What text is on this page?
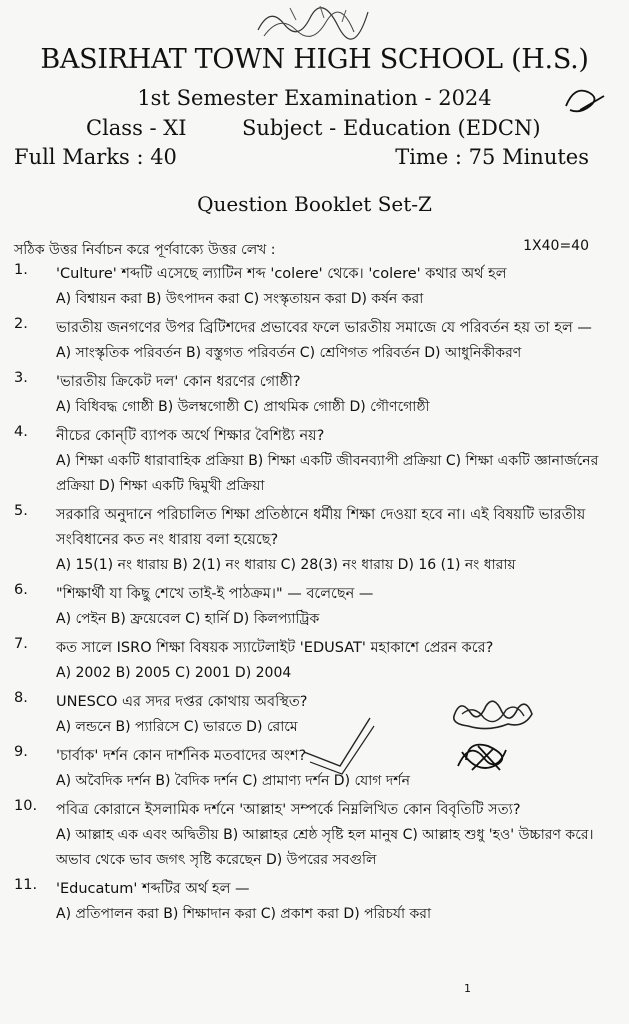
BASIRHAT TOWN HIGH SCHOOL (H.S.)
1st Semester Examination - 2024
Class - XI	Subject - Education (EDCN)
Full Marks : 40	Time : 75 Minutes
Question Booklet Set-Z
সঠিক উত্তর নির্বাচন করে পূর্ণবাক্যে উত্তর লেখ :	1X40=40
1.	'Culture' শব্দটি এসেছে ল্যাটিন শব্দ 'colere' থেকে। 'colere' কথার অর্থ হল
A) বিশ্বায়ন করা B) উৎপাদন করা C) সংস্কৃতায়ন করা D) কর্ষন করা
2.	ভারতীয় জনগণের উপর ব্রিটিশদের প্রভাবের ফলে ভারতীয় সমাজে যে পরিবর্তন হয় তা হল —
A) সাংস্কৃতিক পরিবর্তন B) বস্তুগত পরিবর্তন C) শ্রেণিগত পরিবর্তন D) আধুনিকীকরণ
3.	'ভারতীয় ক্রিকেট দল' কোন ধরণের গোষ্ঠী?
A) বিধিবদ্ধ গোষ্ঠী B) উলম্বগোষ্ঠী C) প্রাথমিক গোষ্ঠী D) গৌণগোষ্ঠী
4.	নীচের কোন্‌টি ব্যাপক অর্থে শিক্ষার বৈশিষ্ট্য নয়?
A) শিক্ষা একটি ধারাবাহিক প্রক্রিয়া B) শিক্ষা একটি জীবনব্যাপী প্রক্রিয়া C) শিক্ষা একটি জ্ঞানার্জনের প্রক্রিয়া D) শিক্ষা একটি দ্বিমুখী প্রক্রিয়া
5.	সরকারি অনুদানে পরিচালিত শিক্ষা প্রতিষ্ঠানে ধর্মীয় শিক্ষা দেওয়া হবে না। এই বিষয়টি ভারতীয় সংবিধানের কত নং ধারায় বলা হয়েছে?
A) 15(1) নং ধারায় B) 2(1) নং ধারায় C) 28(3) নং ধারায় D) 16 (1) নং ধারায়
6.	"শিক্ষার্থী যা কিছু শেখে তাই-ই পাঠক্রম।" — বলেছেন —
A) পেইন B) ফ্রয়েবেল C) হার্নি D) কিলপ্যাট্রিক
7.	কত সালে ISRO শিক্ষা বিষয়ক স্যাটেলাইট 'EDUSAT' মহাকাশে প্রেরন করে?
A) 2002 B) 2005 C) 2001 D) 2004
8.	UNESCO এর সদর দপ্তর কোথায় অবস্থিত?
A) লন্ডনে B) প্যারিসে C) ভারতে D) রোমে
9.	'চার্বাক' দর্শন কোন দার্শনিক মতবাদের অংশ?
A) অবৈদিক দর্শন B) বৈদিক দর্শন C) প্রামাণ্য দর্শন D) যোগ দর্শন
10.	পবিত্র কোরানে ইসলামিক দর্শনে 'আল্লাহ' সম্পর্কে নিম্নলিখিত কোন বিবৃতিটি সত্য?
A) আল্লাহ এক এবং অদ্বিতীয় B) আল্লাহর শ্রেষ্ঠ সৃষ্টি হল মানুষ C) আল্লাহ শুধু 'হও' উচ্চারণ করে। অভাব থেকে ভাব জগৎ সৃষ্টি করেছেন D) উপরের সবগুলি
11.	'Educatum' শব্দটির অর্থ হল —
A) প্রতিপালন করা B) শিক্ষাদান করা C) প্রকাশ করা D) পরিচর্যা করা
1
